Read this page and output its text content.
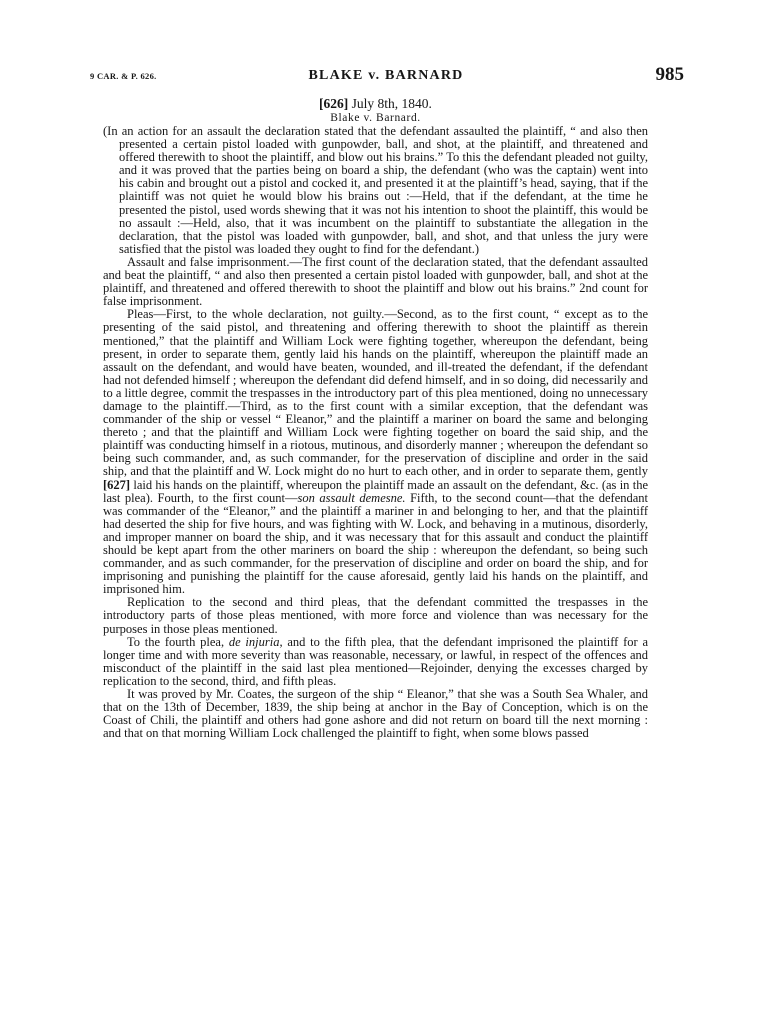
9 CAR. & P. 626.	BLAKE v. BARNARD	985
[626] July 8th, 1840.
Blake v. Barnard.

(In an action for an assault the declaration stated that the defendant assaulted the plaintiff, “ and also then presented a certain pistol loaded with gunpowder, ball, and shot, at the plaintiff, and threatened and offered therewith to shoot the plaintiff, and blow out his brains.” To this the defendant pleaded not guilty, and it was proved that the parties being on board a ship, the defendant (who was the captain) went into his cabin and brought out a pistol and cocked it, and presented it at the plaintiff’s head, saying, that if the plaintiff was not quiet he would blow his brains out :—Held, that if the defendant, at the time he presented the pistol, used words shewing that it was not his intention to shoot the plaintiff, this would be no assault :—Held, also, that it was incumbent on the plaintiff to substantiate the allegation in the declaration, that the pistol was loaded with gunpowder, ball, and shot, and that unless the jury were satisfied that the pistol was loaded they ought to find for the defendant.)

Assault and false imprisonment.—The first count of the declaration stated, that the defendant assaulted and beat the plaintiff, “ and also then presented a certain pistol loaded with gunpowder, ball, and shot at the plaintiff, and threatened and offered therewith to shoot the plaintiff and blow out his brains.” 2nd count for false imprisonment.

Pleas—First, to the whole declaration, not guilty.—Second, as to the first count, “ except as to the presenting of the said pistol, and threatening and offering therewith to shoot the plaintiff as therein mentioned,” that the plaintiff and William Lock were fighting together, whereupon the defendant, being present, in order to separate them, gently laid his hands on the plaintiff, whereupon the plaintiff made an assault on the defendant, and would have beaten, wounded, and ill-treated the defendant, if the defendant had not defended himself ; whereupon the defendant did defend himself, and in so doing, did necessarily and to a little degree, commit the trespasses in the introductory part of this plea mentioned, doing no unnecessary damage to the plaintiff.—Third, as to the first count with a similar exception, that the defendant was commander of the ship or vessel “ Eleanor,” and the plaintiff a mariner on board the same and belonging thereto ; and that the plaintiff and William Lock were fighting together on board the said ship, and the plaintiff was conducting himself in a riotous, mutinous, and disorderly manner ; whereupon the defendant so being such commander, and, as such commander, for the preservation of discipline and order in the said ship, and that the plaintiff and W. Lock might do no hurt to each other, and in order to separate them, gently [627] laid his hands on the plaintiff, whereupon the plaintiff made an assault on the defendant, &c. (as in the last plea). Fourth, to the first count—son assault demesne. Fifth, to the second count—that the defendant was commander of the “Eleanor,” and the plaintiff a mariner in and belonging to her, and that the plaintiff had deserted the ship for five hours, and was fighting with W. Lock, and behaving in a mutinous, disorderly, and improper manner on board the ship, and it was necessary that for this assault and conduct the plaintiff should be kept apart from the other mariners on board the ship : whereupon the defendant, so being such commander, and as such commander, for the preservation of discipline and order on board the ship, and for imprisoning and punishing the plaintiff for the cause aforesaid, gently laid his hands on the plaintiff, and imprisoned him.

Replication to the second and third pleas, that the defendant committed the trespasses in the introductory parts of those pleas mentioned, with more force and violence than was necessary for the purposes in those pleas mentioned.

To the fourth plea, de injuria, and to the fifth plea, that the defendant imprisoned the plaintiff for a longer time and with more severity than was reasonable, necessary, or lawful, in respect of the offences and misconduct of the plaintiff in the said last plea mentioned—Rejoinder, denying the excesses charged by replication to the second, third, and fifth pleas.

It was proved by Mr. Coates, the surgeon of the ship “ Eleanor,” that she was a South Sea Whaler, and that on the 13th of December, 1839, the ship being at anchor in the Bay of Conception, which is on the Coast of Chili, the plaintiff and others had gone ashore and did not return on board till the next morning : and that on that morning William Lock challenged the plaintiff to fight, when some blows passed
